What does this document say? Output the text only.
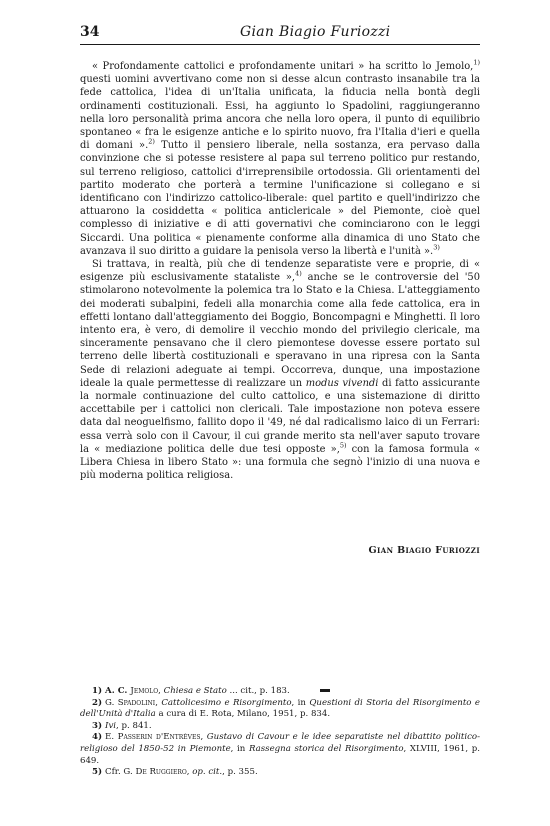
34	Gian Biagio Furiozzi

« Profondamente cattolici e profondamente unitari » ha scritto lo Jemolo,$^{1)}$ questi uomini avvertivano come non si desse alcun contrasto insanabile tra la fede cattolica, l'idea di un'Italia unificata, la fiducia nella bontà degli ordinamenti costituzionali. Essi, ha aggiunto lo Spadolini, raggiungeranno nella loro personalità prima ancora che nella loro opera, il punto di equilibrio spontaneo « fra le esigenze antiche e lo spirito nuovo, fra l'Italia d'ieri e quella di domani ».$^{2)}$ Tutto il pensiero liberale, nella sostanza, era pervaso dalla convinzione che si potesse resistere al papa sul terreno politico pur restando, sul terreno religioso, cattolici d'irreprensibile ortodossia. Gli orientamenti del partito moderato che porterà a termine l'unificazione si collegano e si identificano con l'indirizzo cattolico-liberale: quel partito e quell'indirizzo che attuarono la cosiddetta « politica anticlericale » del Piemonte, cioè quel complesso di iniziative e di atti governativi che cominciarono con le leggi Siccardi. Una politica « pienamente conforme alla dinamica di uno Stato che avanzava il suo diritto a guidare la penisola verso la libertà e l'unità ».$^{3)}$

Si trattava, in realtà, più che di tendenze separatiste vere e proprie, di « esigenze più esclusivamente stataliste »,$^{4)}$ anche se le controversie del '50 stimolarono notevolmente la polemica tra lo Stato e la Chiesa. L'atteggiamento dei moderati subalpini, fedeli alla monarchia come alla fede cattolica, era in effetti lontano dall'atteggiamento dei Boggio, Boncompagni e Minghetti. Il loro intento era, è vero, di demolire il vecchio mondo del privilegio clericale, ma sinceramente pensavano che il clero piemontese dovesse essere portato sul terreno delle libertà costituzionali e speravano in una ripresa con la Santa Sede di relazioni adeguate ai tempi. Occorreva, dunque, una impostazione ideale la quale permettesse di realizzare un modus vivendi di fatto assicurante la normale continuazione del culto cattolico, e una sistemazione di diritto accettabile per i cattolici non clericali. Tale impostazione non poteva essere data dal neoguelfismo, fallito dopo il '49, né dal radicalismo laico di un Ferrari: essa verrà solo con il Cavour, il cui grande merito sta nell'aver saputo trovare la « mediazione politica delle due tesi opposte »,$^{5)}$ con la famosa formula « Libera Chiesa in libero Stato »: una formula che segnò l'inizio di una nuova e più moderna politica religiosa.

Gian Biagio Furiozzi

1) A. C. Jemolo, Chiesa e Stato ... cit., p. 183.

2) G. Spadolini, Cattolicesimo e Risorgimento, in Questioni di Storia del Risorgimento e dell'Unità d'Italia a cura di E. Rota, Milano, 1951, p. 834.

3) Ivi, p. 841.

4) E. Passerin d'Entrèves, Gustavo di Cavour e le idee separatiste nel dibattito politico-religioso del 1850-52 in Piemonte, in Rassegna storica del Risorgimento, XLVIII, 1961, p. 649.

5) Cfr. G. De Ruggiero, op. cit., p. 355.
